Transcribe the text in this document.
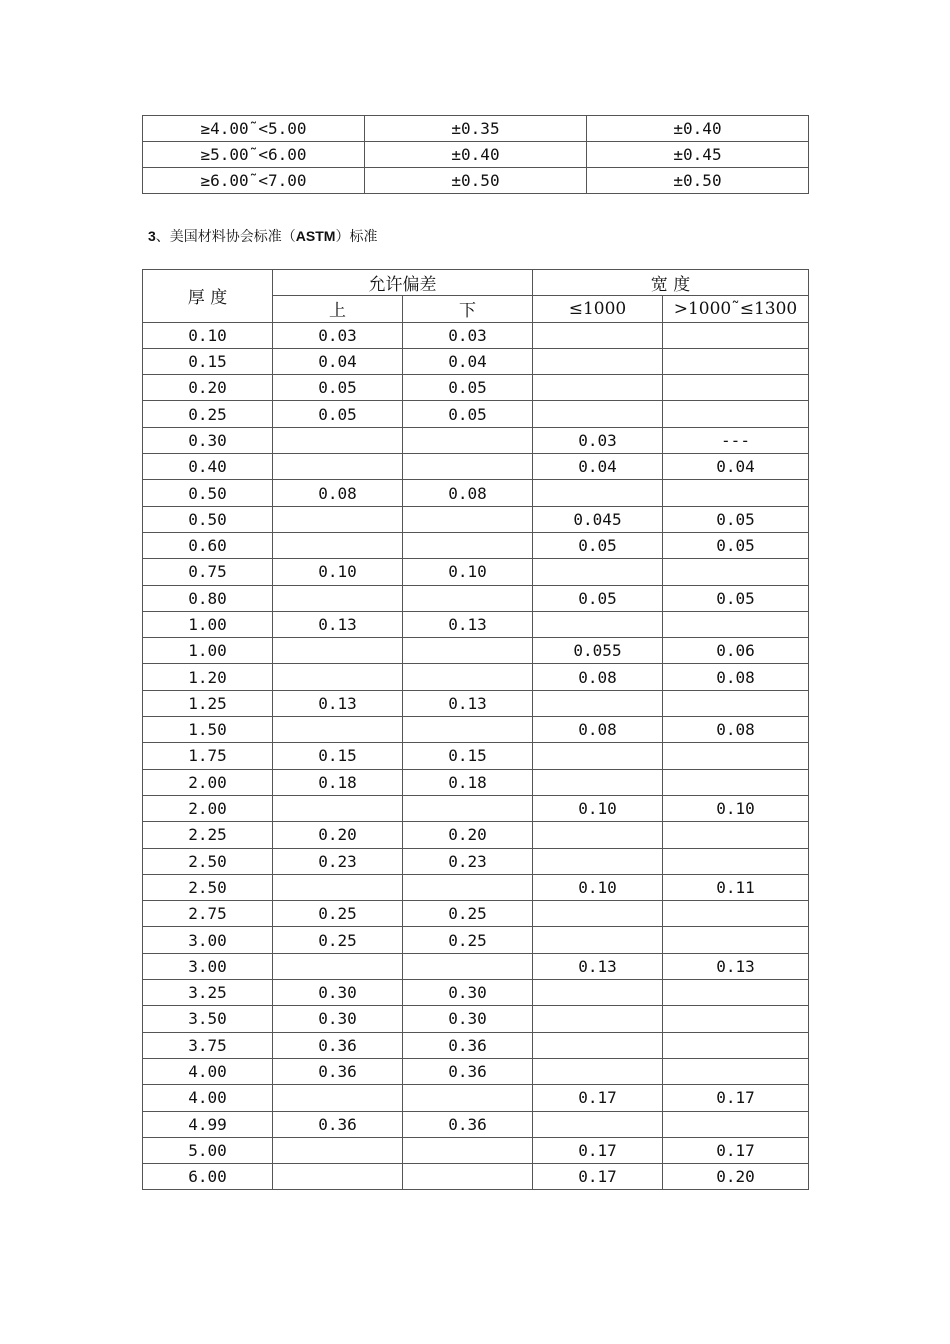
≥4.00˜<5.00	±0.35	±0.40
≥5.00˜<6.00	±0.40	±0.45
≥6.00˜<7.00	±0.50	±0.50
3、美国材料协会标准（ASTM）标准
厚 度	允许偏差		宽 度	
	上	下	≤1000	>1000˜≤1300
0.10	0.03	0.03		
0.15	0.04	0.04		
0.20	0.05	0.05		
0.25	0.05	0.05		
0.30			0.03	---
0.40			0.04	0.04
0.50	0.08	0.08		
0.50			0.045	0.05
0.60			0.05	0.05
0.75	0.10	0.10		
0.80			0.05	0.05
1.00	0.13	0.13		
1.00			0.055	0.06
1.20			0.08	0.08
1.25	0.13	0.13		
1.50			0.08	0.08
1.75	0.15	0.15		
2.00	0.18	0.18		
2.00			0.10	0.10
2.25	0.20	0.20		
2.50	0.23	0.23		
2.50			0.10	0.11
2.75	0.25	0.25		
3.00	0.25	0.25		
3.00			0.13	0.13
3.25	0.30	0.30		
3.50	0.30	0.30		
3.75	0.36	0.36		
4.00	0.36	0.36		
4.00			0.17	0.17
4.99	0.36	0.36		
5.00			0.17	0.17
6.00			0.17	0.20
